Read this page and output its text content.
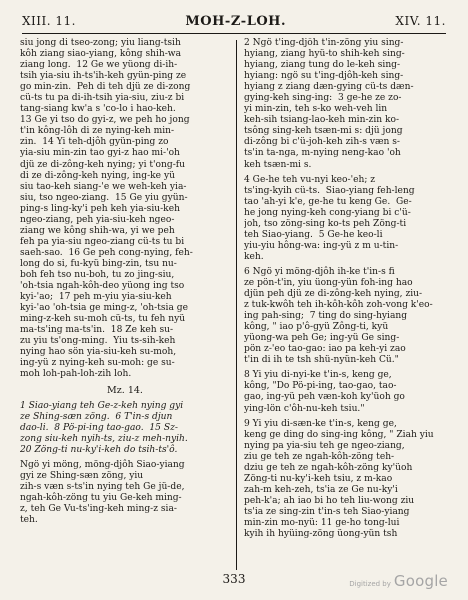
XIII. 11.	MOH-Z-LOH.	XIV. 11.

siu jong di tseo-zong; yiu liang-tsih

kôh ziang siao-yiang, kông shih-wa

ziang long.  12 Ge we yüong di-ih-

tsih yia-siu ih-ts'ih-keh gyün-ping ze

go min-zin.  Peh di teh djü ze di-zong

cü-ts tu pa di-ih-tsih yia-siu, ziu-z bi

tang-siang kw'a s 'co-lo i hao-keh.

13 Ge yi tso do gyi-z, we peh ho jong

t'in kông-lôh di ze nying-keh min-

zin.  14 Yi teh-djôh gyün-ping zo

yia-siu min-zin tao gyi-z hao mi-'oh

djü ze di-zông-keh nying; yi t'ong-fu

di ze di-zông-keh nying, ing-ke yü

siu tao-keh siang-'e we weh-keh yia-

siu, tso ngeo-ziang.  15 Ge yiu gyün-

ping-s ling-ky'i peh keh yia-siu-keh

ngeo-ziang, peh yia-siu-keh ngeo-

ziang we kông shih-wa, yi we peh

feh pa yia-siu ngeo-ziang cü-ts tu bi

saeh-sao.  16 Ge peh cong-nying, feh-

long do si, fu-kyü bing-zin, tsu nu-

boh feh tso nu-boh, tu zo jing-siu,

'oh-tsia ngah-kôh-deo yüong ing tso

kyi-'ao;  17 peh m-yiu yia-siu-keh

kyi-'ao 'oh-tsia ge ming-z, 'oh-tsia ge

ming-z-keh su-moh cü-ts, tu feh nyü

ma-ts'ing ma-ts'in.  18 Ze keh su-

zu yiu ts'ong-ming.  Yiu ts-sih-keh

nying hao sön yia-siu-keh su-moh,

ing-yü z nying-keh su-moh: ge su-

moh loh-pah-loh-zih loh.

Mz. 14.

1 Siao-yiang teh Ge-z-keh nying gyi

ze Shing-sæn zöng.  6 T'in-s djun

dao-li.  8 Pö-pi-ing tao-gao.  15 Sz-

zong siu-keh nyih-ts, ziu-z meh-nyih.

20 Zöng-ti nu-ky'i-keh do tsih-ts'ô.

Ngö yi möng, möng-djôh Siao-yiang

gyi ze Shing-sæn zöng, yiu

zih-s væn s-ts'in nying teh Ge jü-de,

ngah-kôh-zöng tu yiu Ge-keh ming-

z, teh Ge Vu-ts'ing-keh ming-z sia-

teh.

2 Ngö t'ing-djôh t'in-zöng yiu sing-

hyiang, ziang hyü-to shih-keh sing-

hyiang, ziang tung do le-keh sing-

hyiang: ngö su t'ing-djôh-keh sing-

hyiang z ziang dæn-gying cü-ts dæn-

gying-keh sing-ing:  3 ge-he ze zo-

yi min-zin, teh s-ko weh-veh lin

keh-sih tsiang-lao-keh min-zin ko-

tsông sing-keh tsæn-mi s: djü jong

di-zông bi c'ü-joh-keh zih-s væn s-

ts'in ta-nga, m-nying neng-kao 'oh

keh tsæn-mi s.

4 Ge-he teh vu-nyi keo-'eh; z

ts'ing-kyih cü-ts.  Siao-yiang feh-leng

tao 'ah-yi k'e, ge-he tu keng Ge.  Ge-

he jong nying-keh cong-yiang bi c'ü-

joh, tso zöng-sing ko-ts peh Zöng-ti

teh Siao-yiang.  5 Ge-he keo-li

yiu-yiu hông-wa: ing-yü z m u-tin-

keh.

6 Ngö yi möng-djôh ih-ke t'in-s fi

ze pön-t'in, yiu üong-yün foh-ing hao

djün peh djü ze di-zông-keh nying, ziu-

z tuk-kwôh teh ih-kôh-kôh zoh-vong k'eo-

ing pah-sing;  7 ting do sing-hyiang

kông, " iao p'ô-gyü Zông-ti, kyü

yüong-wa peh Ge; ing-yü Ge sing-

pön z-'eo tao-gao: iao pa keh-yi zao

t'in di ih te tsh shü-nyün-keh Cü."

8 Yi yiu di-nyi-ke t'in-s, keng ge,

kông, "Do Pö-pi-ing, tao-gao, tao-

gao, ing-yü peh væn-koh ky'üoh go

ying-lön c'ôh-nu-keh tsiu."

9 Yi yiu di-sæn-ke t'in-s, keng ge,

keng ge ding do sing-ing kông, " Ziah yiu

nying pa yia-siu teh ge ngeo-ziang,

ziu ge teh ze ngah-kôh-zöng teh-

dziu ge teh ze ngah-kôh-zöng ky'üoh

Zöng-ti nu-ky'i-keh tsiu, z m-kao

zah-m keh-zeh, ts'ia ze Ge nu-ky'i

peh-k'a; ah iao bi ho teh liu-wong ziu

ts'ia ze sing-zin t'in-s teh Siao-yiang

min-zin mo-nyü: 11 ge-ho tong-lui

kyih ih hyüing-zöng üong-yün tsh

333	Digitized by Google
